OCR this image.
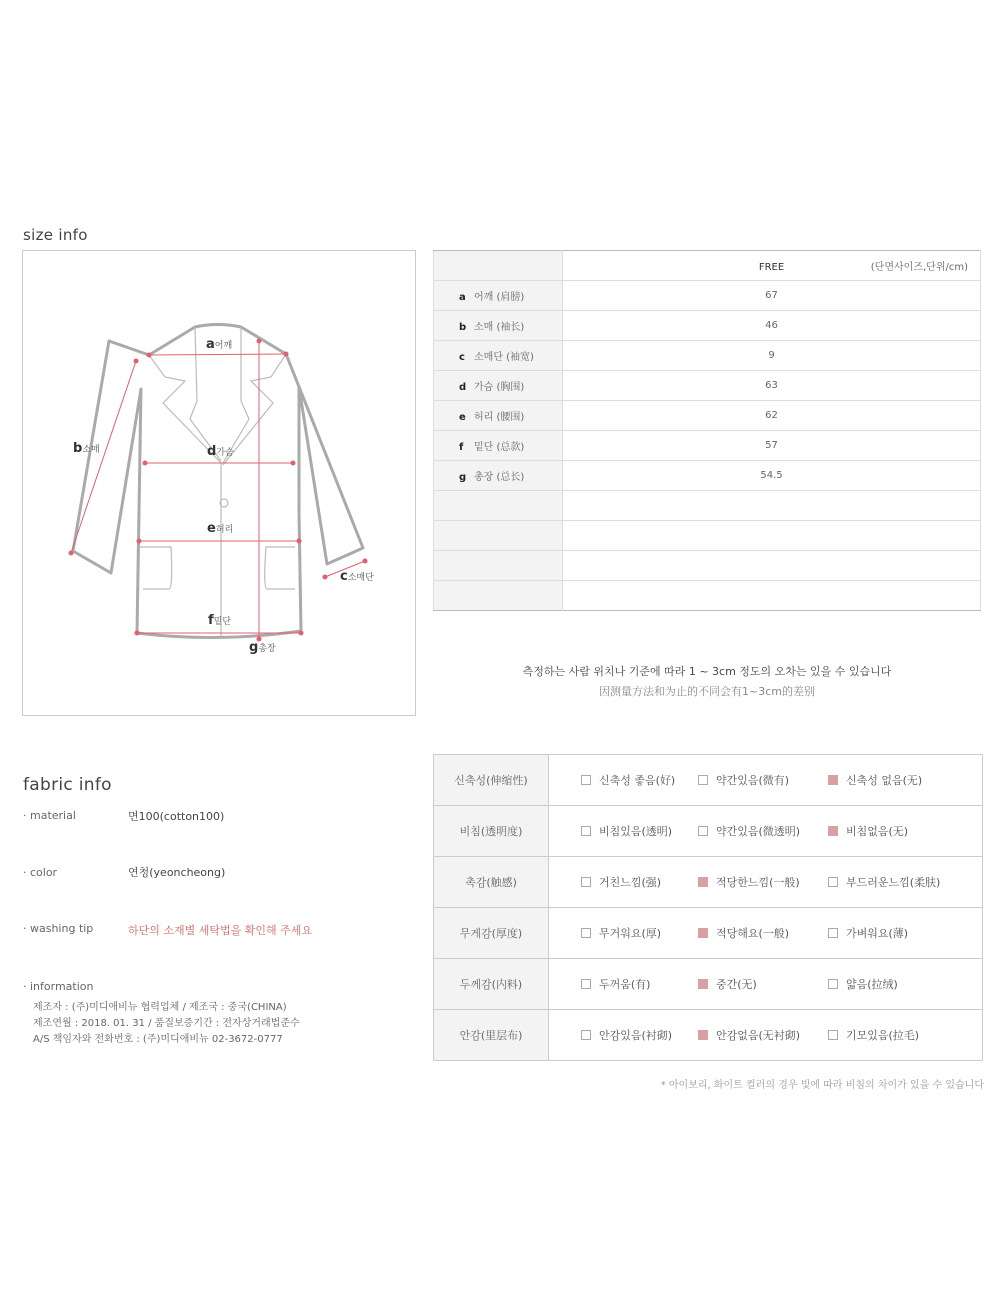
size info
a어깨
b소매
c소매단
d가슴
e허리
f밑단
g총장
	FREE (단면사이즈,단위/cm)

a 어깨 (肩膀)	67
b 소매 (袖长)	46
c 소매단 (袖宽)	9
d 가슴 (胸围)	63
e 허리 (腰围)	62
f 밑단 (总款)	57
g 총장 (总长)	54.5

측정하는 사람 위치나 기준에 따라 1 ~ 3cm 정도의 오차는 있을 수 있습니다
因测量方法和为止的不同会有1~3cm的差别
fabric info
· material	면100(cotton100)
· color	연청(yeoncheong)
· washing tip	하단의 소재별 세탁법을 확인해 주세요
· information
제조자 : (주)미디애비뉴 협력업체 / 제조국 : 중국(CHINA)
제조연월 : 2018. 01. 31 / 품질보증기간 : 전자상거래법준수
A/S 책임자와 전화번호 : (주)미디애비뉴 02-3672-0777
신축성(伸缩性)	신축성 좋음(好) 약간있음(微有) 신축성 없음(无)

비침(透明度)	비침있음(透明) 약간있음(微透明) 비침없음(无)

촉감(触感)	거친느낌(强) 적당한느낌(一般) 부드러운느낌(柔肤)

무게감(厚度)	무거워요(厚) 적당해요(一般) 가벼워요(薄)

두께감(内料)	두꺼움(有) 중간(无) 얇음(拉绒)

안감(里层布)	안감있음(衬砌) 안감없음(无衬砌) 기모있음(拉毛)
* 아이보리, 화이트 컬러의 경우 빛에 따라 비침의 차이가 있을 수 있습니다
